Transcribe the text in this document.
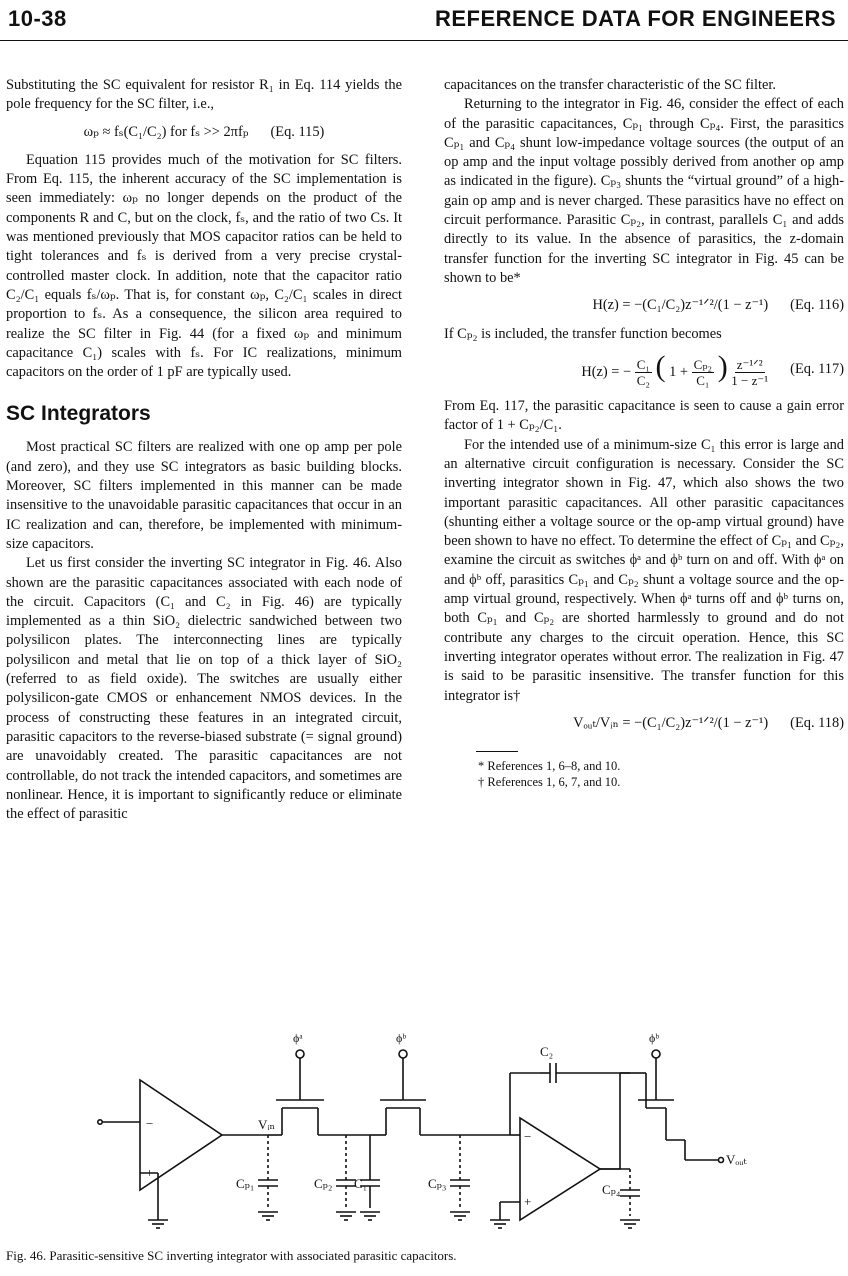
10-38	REFERENCE DATA FOR ENGINEERS

Substituting the SC equivalent for resistor R₁ in Eq. 114 yields the pole frequency for the SC filter, i.e.,

ωₚ ≈ fₛ(C₁/C₂) for fₛ >> 2πfₚ (Eq. 115)

Equation 115 provides much of the motivation for SC filters. From Eq. 115, the inherent accuracy of the SC implementation is seen immediately: ωₚ no longer depends on the product of the components R and C, but on the clock, fₛ, and the ratio of two Cs. It was mentioned previously that MOS capacitor ratios can be held to tight tolerances and fₛ is derived from a very precise crystal-controlled master clock. In addition, note that the capacitor ratio C₂/C₁ equals fₛ/ωₚ. That is, for constant ωₚ, C₂/C₁ scales in direct proportion to fₛ. As a consequence, the silicon area required to realize the SC filter in Fig. 44 (for a fixed ωₚ and minimum capacitance C₁) scales with fₛ. For IC realizations, minimum capacitors on the order of 1 pF are typically used.

SC Integrators

Most practical SC filters are realized with one op amp per pole (and zero), and they use SC integrators as basic building blocks. Moreover, SC filters implemented in this manner can be made insensitive to the unavoidable parasitic capacitances that occur in an IC realization and can, therefore, be implemented with minimum-size capacitors.

Let us first consider the inverting SC integrator in Fig. 46. Also shown are the parasitic capacitances associated with each node of the circuit. Capacitors (C₁ and C₂ in Fig. 46) are typically implemented as a thin SiO₂ dielectric sandwiched between two polysilicon plates. The interconnecting lines are typically polysilicon and metal that lie on top of a thick layer of SiO₂ (referred to as field oxide). The switches are usually either polysilicon-gate CMOS or enhancement NMOS devices. In the process of constructing these features in an integrated circuit, parasitic capacitors to the reverse-biased substrate (= signal ground) are unavoidably created. The parasitic capacitances are not controllable, do not track the intended capacitors, and sometimes are nonlinear. Hence, it is important to significantly reduce or eliminate the effect of parasitic

capacitances on the transfer characteristic of the SC filter.

Returning to the integrator in Fig. 46, consider the effect of each of the parasitic capacitances, Cₚ₁ through Cₚ₄. First, the parasitics Cₚ₁ and Cₚ₄ shunt low-impedance voltage sources (the output of an op amp and the input voltage possibly derived from another op amp as indicated in the figure). Cₚ₃ shunts the “virtual ground” of a high-gain op amp and is never charged. These parasitics have no effect on circuit performance. Parasitic Cₚ₂, in contrast, parallels C₁ and adds directly to its value. In the absence of parasitics, the z-domain transfer function for the inverting SC integrator in Fig. 45 can be shown to be*

H(z) = −(C₁/C₂)z⁻¹ᐟ²/(1 − z⁻¹) (Eq. 116)

If Cₚ₂ is included, the transfer function becomes

H(z) = − $\frac{\text{C₁}}{\text{C₂}}$ ( $1 + \frac{\text{Cₚ₂}}{\text{C₁}}$ ) $\frac{\text{z⁻¹ᐟ²}}{\text{1 − z⁻¹}} (Eq$. 117)

From Eq. 117, the parasitic capacitance is seen to cause a gain error factor of 1 + Cₚ₂/C₁.

For the intended use of a minimum-size C₁ this error is large and an alternative circuit configuration is necessary. Consider the SC inverting integrator shown in Fig. 47, which also shows the two important parasitic capacitances. All other parasitic capacitances (shunting either a voltage source or the op-amp virtual ground) have been shown to have no effect. To determine the effect of Cₚ₁ and Cₚ₂, examine the circuit as switches ϕᵃ and ϕᵇ turn on and off. With ϕᵃ on and ϕᵇ off, parasitics Cₚ₁ and Cₚ₂ shunt a voltage source and the op-amp virtual ground, respectively. When ϕᵃ turns off and ϕᵇ turns on, both Cₚ₁ and Cₚ₂ are shorted harmlessly to ground and do not contribute any charges to the circuit operation. Hence, this SC inverting integrator operates without error. The realization in Fig. 47 is said to be parasitic insensitive. The transfer function for this integrator is†

Vₒᵤₜ/Vᵢₙ = −(C₁/C₂)z⁻¹ᐟ²/(1 − z⁻¹) (Eq. 118)
* References 1, 6–8, and 10.
† References 1, 6, 7, and 10.
−
+
Vᵢₙ
Cₚ₁
ϕᵃ
Cₚ₂ C₁
ϕᵇ
Cₚ₃
C₂
−
+
ϕᵇ
Vₒᵤₜ
Cₚ₄
Fig. 46. Parasitic-sensitive SC inverting integrator with associated parasitic capacitors.
